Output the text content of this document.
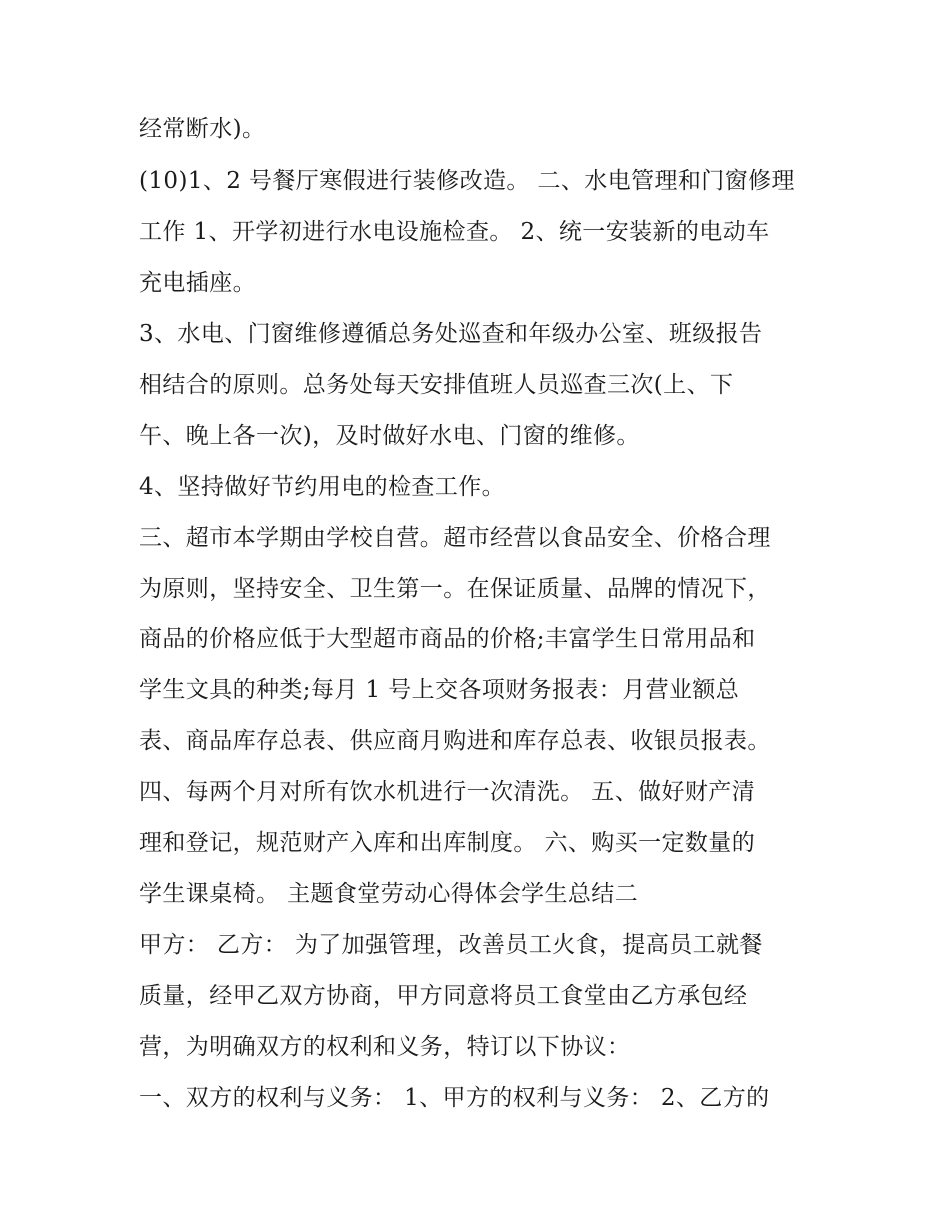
经常断水)。
(10)1、2 号餐厅寒假进行装修改造。 二、水电管理和门窗修理
工作 1、开学初进行水电设施检查。 2、统一安装新的电动车
充电插座。
3、水电、门窗维修遵循总务处巡查和年级办公室、班级报告
相结合的原则。总务处每天安排值班人员巡查三次(上、下
午、晚上各一次)，及时做好水电、门窗的维修。
4、坚持做好节约用电的检查工作。
三、超市本学期由学校自营。超市经营以食品安全、价格合理
为原则，坚持安全、卫生第一。在保证质量、品牌的情况下，
商品的价格应低于大型超市商品的价格;丰富学生日常用品和
学生文具的种类;每月 1 号上交各项财务报表：月营业额总
表、商品库存总表、供应商月购进和库存总表、收银员报表。
四、每两个月对所有饮水机进行一次清洗。 五、做好财产清
理和登记，规范财产入库和出库制度。 六、购买一定数量的
学生课桌椅。 主题食堂劳动心得体会学生总结二
甲方： 乙方： 为了加强管理，改善员工火食，提高员工就餐
质量，经甲乙双方协商，甲方同意将员工食堂由乙方承包经
营，为明确双方的权利和义务，特订以下协议：
一、双方的权利与义务： 1、甲方的权利与义务： 2、乙方的
